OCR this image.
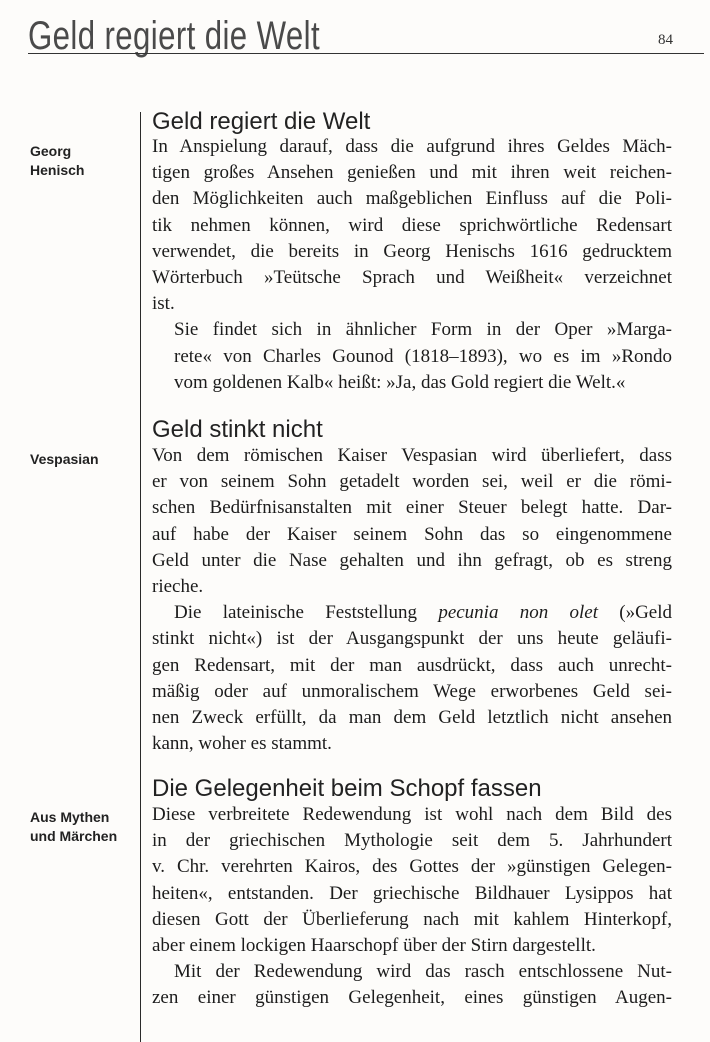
Geld regiert die Welt	84
Geld regiert die Welt
Georg
Henisch

In Anspielung darauf, dass die aufgrund ihres Geldes Mäch-
tigen großes Ansehen genießen und mit ihren weit reichen-
den Möglichkeiten auch maßgeblichen Einfluss auf die Poli-
tik nehmen können, wird diese sprichwörtliche Redensart
verwendet, die bereits in Georg Henischs 1616 gedrucktem
Wörterbuch »Teütsche Sprach und Weißheit« verzeichnet
ist.

Sie findet sich in ähnlicher Form in der Oper »Marga-
rete« von Charles Gounod (1818–1893), wo es im »Rondo
vom goldenen Kalb« heißt: »Ja, das Gold regiert die Welt.«

Geld stinkt nicht
Vespasian	Von dem römischen Kaiser Vespasian wird überliefert, dass
er von seinem Sohn getadelt worden sei, weil er die römi-
schen Bedürfnisanstalten mit einer Steuer belegt hatte. Dar-
auf habe der Kaiser seinem Sohn das so eingenommene
Geld unter die Nase gehalten und ihn gefragt, ob es streng
rieche.

Die lateinische Feststellung pecunia non olet (»Geld
stinkt nicht«) ist der Ausgangspunkt der uns heute geläufi-
gen Redensart, mit der man ausdrückt, dass auch unrecht-
mäßig oder auf unmoralischem Wege erworbenes Geld sei-
nen Zweck erfüllt, da man dem Geld letztlich nicht ansehen
kann, woher es stammt.

Die Gelegenheit beim Schopf fassen
Aus Mythen
und Märchen

Diese verbreitete Redewendung ist wohl nach dem Bild des
in der griechischen Mythologie seit dem 5. Jahrhundert
v. Chr. verehrten Kairos, des Gottes der »günstigen Gelegen-
heiten«, entstanden. Der griechische Bildhauer Lysippos hat
diesen Gott der Überlieferung nach mit kahlem Hinterkopf,
aber einem lockigen Haarschopf über der Stirn dargestellt.

Mit der Redewendung wird das rasch entschlossene Nut-
zen einer günstigen Gelegenheit, eines günstigen Augen-
